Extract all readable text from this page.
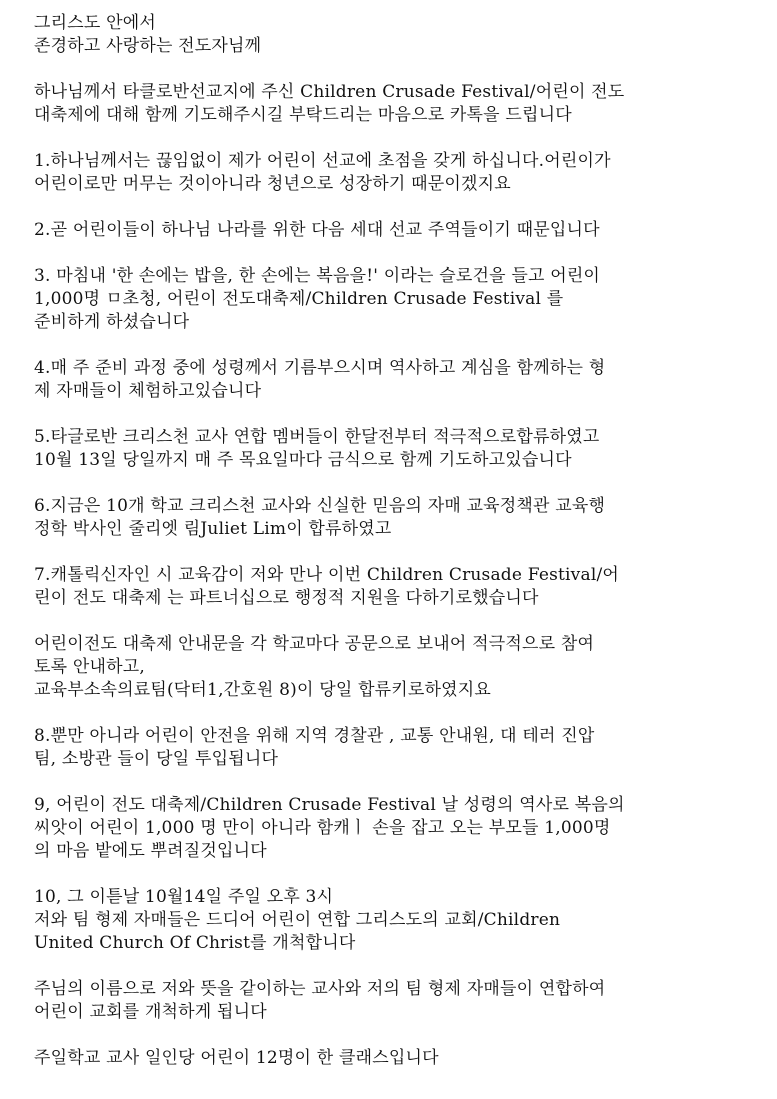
그리스도 안에서

존경하고 사랑하는 전도자님께

하나님께서 타클로반선교지에 주신 Children Crusade Festival/어린이 전도

대축제에 대해 함께 기도해주시길 부탁드리는 마음으로 카톡을 드립니다

1.하나님께서는 끊임없이 제가 어린이 선교에 초점을 갖게 하십니다.어린이가

어린이로만 머무는 것이아니라 청년으로 성장하기 때문이겠지요

2.곧 어린이들이 하나님 나라를 위한 다음 세대 선교 주역들이기 때문입니다

3. 마침내 '한 손에는 밥을, 한 손에는 복음을!' 이라는 슬로건을 들고 어린이

1,000명 ㅁ초청, 어린이 전도대축제/Children Crusade Festival 를

준비하게 하셨습니다

4.매 주 준비 과정 중에 성령께서 기름부으시며 역사하고 계심을 함께하는 형

제 자매들이 체험하고있습니다

5.타글로반 크리스천 교사 연합 멤버들이 한달전부터 적극적으로합류하였고

10월 13일 당일까지 매 주 목요일마다 금식으로 함께 기도하고있습니다

6.지금은 10개 학교 크리스천 교사와 신실한 믿음의 자매 교육정책관 교육행

정학 박사인 줄리엣 림Juliet Lim이 합류하였고

7.캐톨릭신자인 시 교육감이 저와 만나 이번 Children Crusade Festival/어

린이 전도 대축제 는 파트너십으로 행정적 지원을 다하기로했습니다

어린이전도 대축제 안내문을 각 학교마다 공문으로 보내어 적극적으로 참여

토록 안내하고,

교육부소속의료팀(닥터1,간호원 8)이 당일 합류키로하였지요

8.뿐만 아니라 어린이 안전을 위해 지역 경찰관 , 교통 안내원, 대 테러 진압

팀, 소방관 들이 당일 투입됩니다

9, 어린이 전도 대축제/Children Crusade Festival 날 성령의 역사로 복음의

씨앗이 어린이 1,000 명 만이 아니라 함캐ㅣ 손을 잡고 오는 부모들 1,000명

의 마음 밭에도 뿌려질것입니다

10, 그 이튿날 10월14일 주일 오후 3시

저와 팀 형제 자매들은 드디어 어린이 연합 그리스도의 교회/Children

United Church Of Christ를 개척합니다

주님의 이름으로 저와 뜻을 같이하는 교사와 저의 팀 형제 자매들이 연합하여

어린이 교회를 개척하게 됩니다

주일학교 교사 일인당 어린이 12명이 한 클래스입니다
